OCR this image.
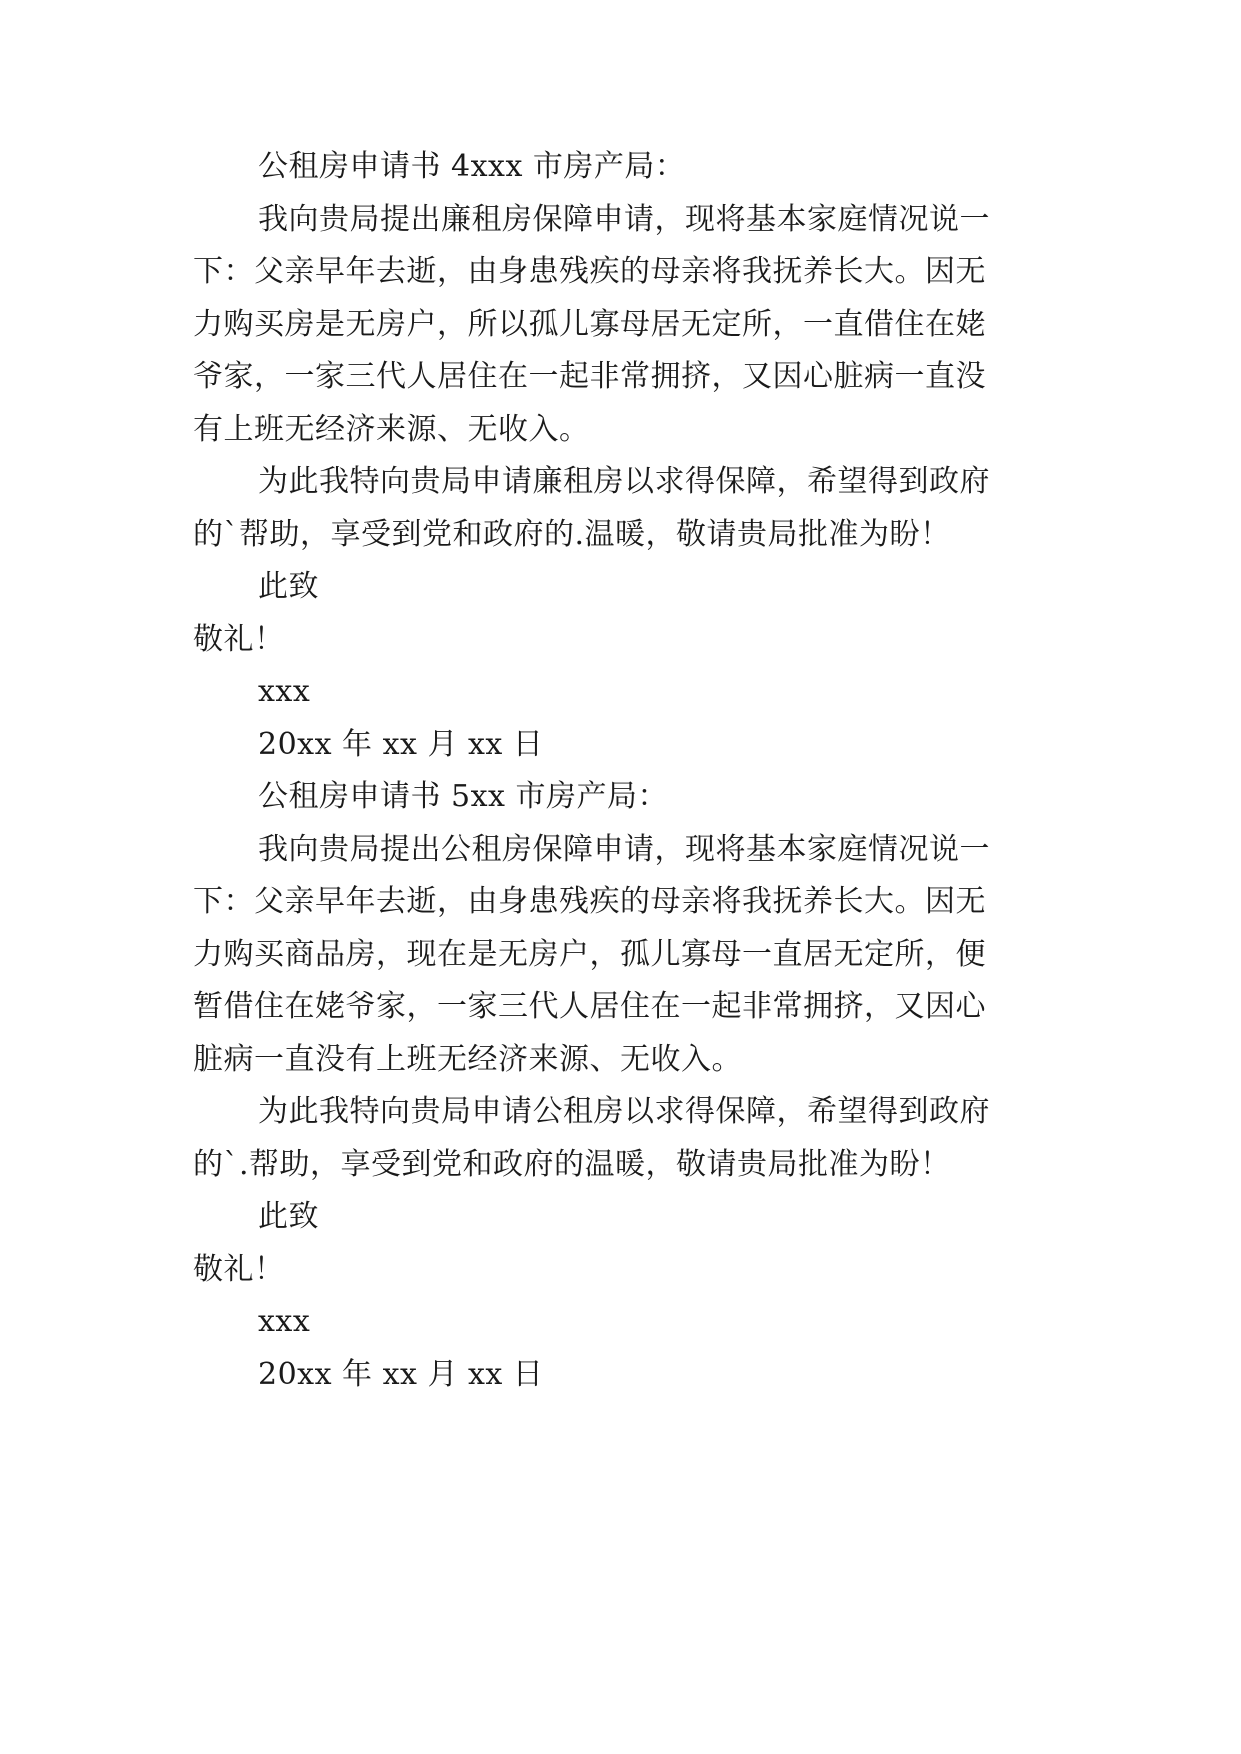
公租房申请书 4xxx 市房产局：
我向贵局提出廉租房保障申请，现将基本家庭情况说一
下：父亲早年去逝，由身患残疾的母亲将我抚养长大。因无
力购买房是无房户，所以孤儿寡母居无定所，一直借住在姥
爷家，一家三代人居住在一起非常拥挤，又因心脏病一直没
有上班无经济来源、无收入。
为此我特向贵局申请廉租房以求得保障，希望得到政府
的`帮助，享受到党和政府的.温暖，敬请贵局批准为盼！
此致
敬礼！
xxx
20xx 年 xx 月 xx 日
公租房申请书 5xx 市房产局：
我向贵局提出公租房保障申请，现将基本家庭情况说一
下：父亲早年去逝，由身患残疾的母亲将我抚养长大。因无
力购买商品房，现在是无房户，孤儿寡母一直居无定所，便
暂借住在姥爷家，一家三代人居住在一起非常拥挤，又因心
脏病一直没有上班无经济来源、无收入。
为此我特向贵局申请公租房以求得保障，希望得到政府
的`.帮助，享受到党和政府的温暖，敬请贵局批准为盼！
此致
敬礼！
xxx
20xx 年 xx 月 xx 日
